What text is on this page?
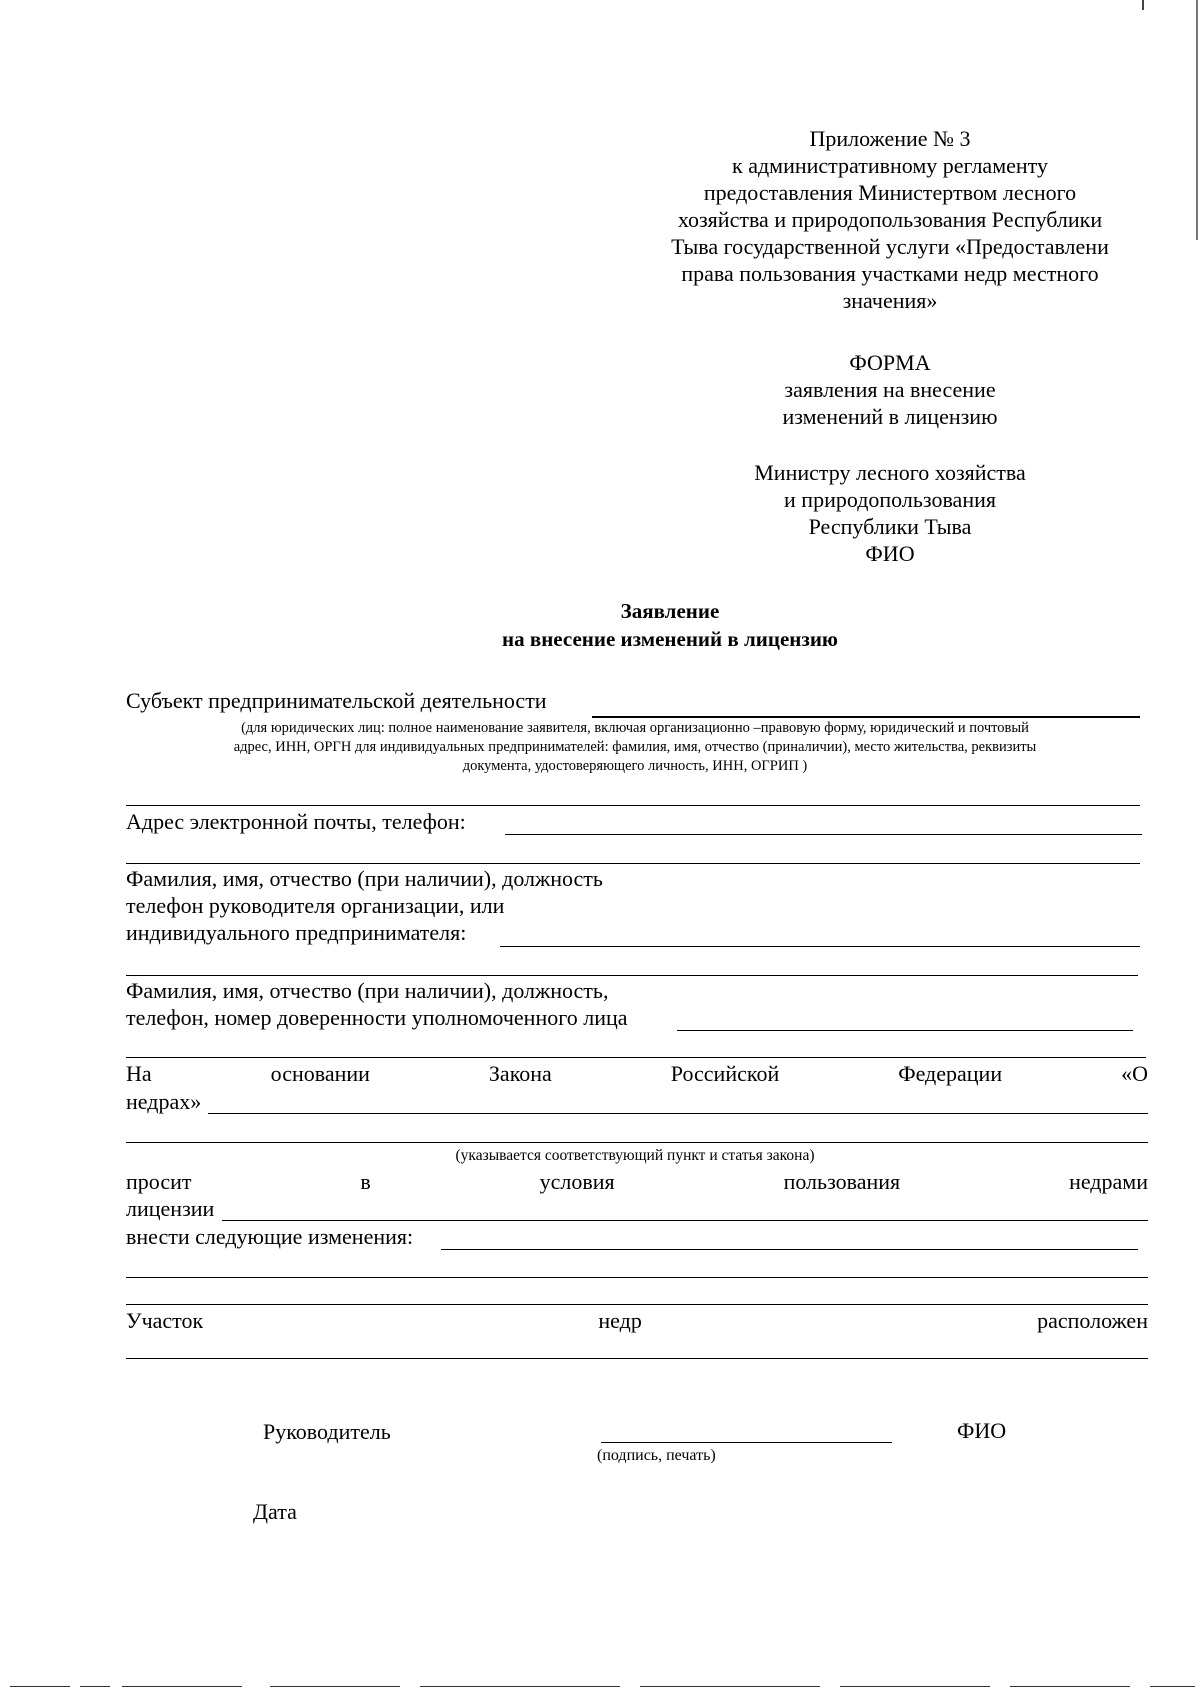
Приложение № 3
к административному регламенту
предоставления Министертвом лесного
хозяйства и природопользования Республики
Тыва государственной услуги «Предоставлени
права пользования участками недр местного
значения»
ФОРМА
заявления на внесение
изменений в лицензию
Министру лесного хозяйства
и природопользования
Республики Тыва
ФИО
Заявление
на внесение изменений в лицензию
Субъект предпринимательской деятельности
(для юридических лиц: полное наименование заявителя, включая организационно –правовую форму, юридический и почтовый
адрес, ИНН, ОРГН для индивидуальных предпринимателей: фамилия, имя, отчество (приналичии), место жительства, реквизиты
документа, удостоверяющего личность, ИНН, ОГРИП )
Адрес электронной почты, телефон:
Фамилия, имя, отчество (при наличии), должность
телефон руководителя организации, или
индивидуального предпринимателя:
Фамилия, имя, отчество (при наличии), должность,
телефон, номер доверенности уполномоченного лица
На	основании	Закона	Российской	Федерации	«О
недрах»
(указывается соответствующий пункт и статья закона)
просит	в	условия	пользования	недрами
лицензии
внести следующие изменения:
Участок	недр	расположен
Руководитель
(подпись, печать)
ФИО
Дата
